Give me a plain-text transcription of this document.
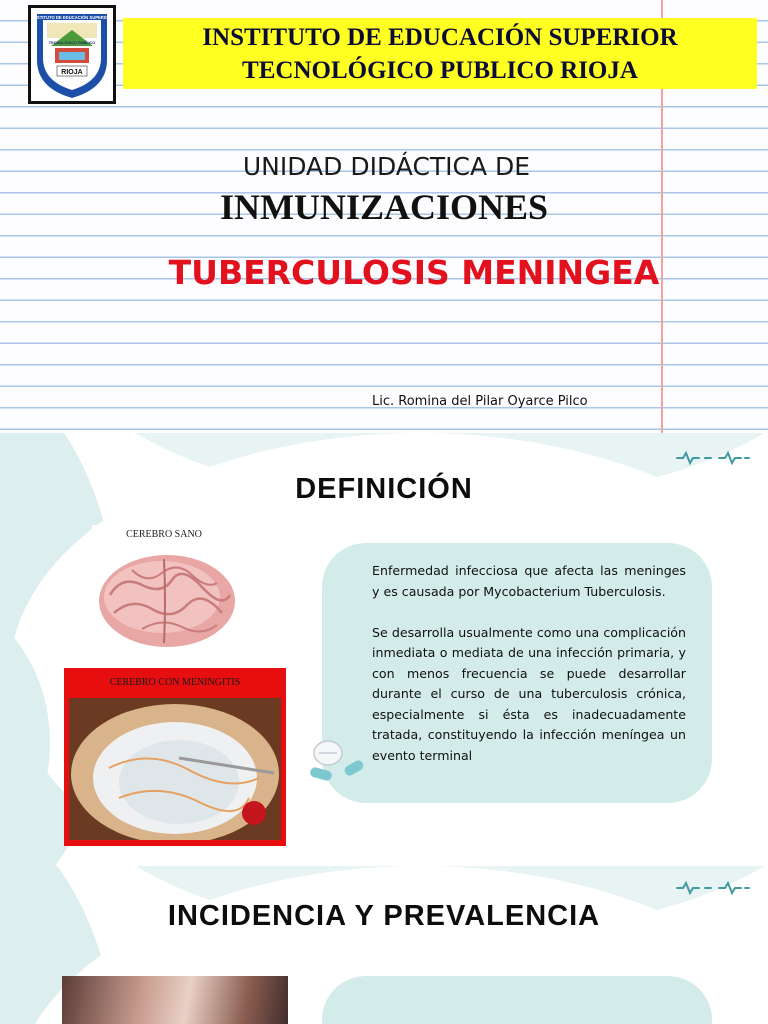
RIOJA
INSTITUTO DE EDUCACIÓN SUPERIOR
TECNOLÓGICO PUBLICO	INSTITUTO DE EDUCACIÓN SUPERIOR
TECNOLÓGICO PUBLICO RIOJA
UNIDAD DIDÁCTICA DE
INMUNIZACIONES
TUBERCULOSIS MENINGEA
Lic. Romina del Pilar Oyarce Pilco
DEFINICIÓN
CEREBRO SANO
CEREBRO CON MENINGITIS

Enfermedad infecciosa que afecta las meninges y es causada por Mycobacterium Tuberculosis.

Se desarrolla usualmente como una complicación inmediata o mediata de una infección primaria, y con menos frecuencia se puede desarrollar durante el curso de una tuberculosis crónica, especialmente si ésta es inadecuadamente tratada, constituyendo la infección meníngea un evento terminal

INCIDENCIA Y PREVALENCIA
